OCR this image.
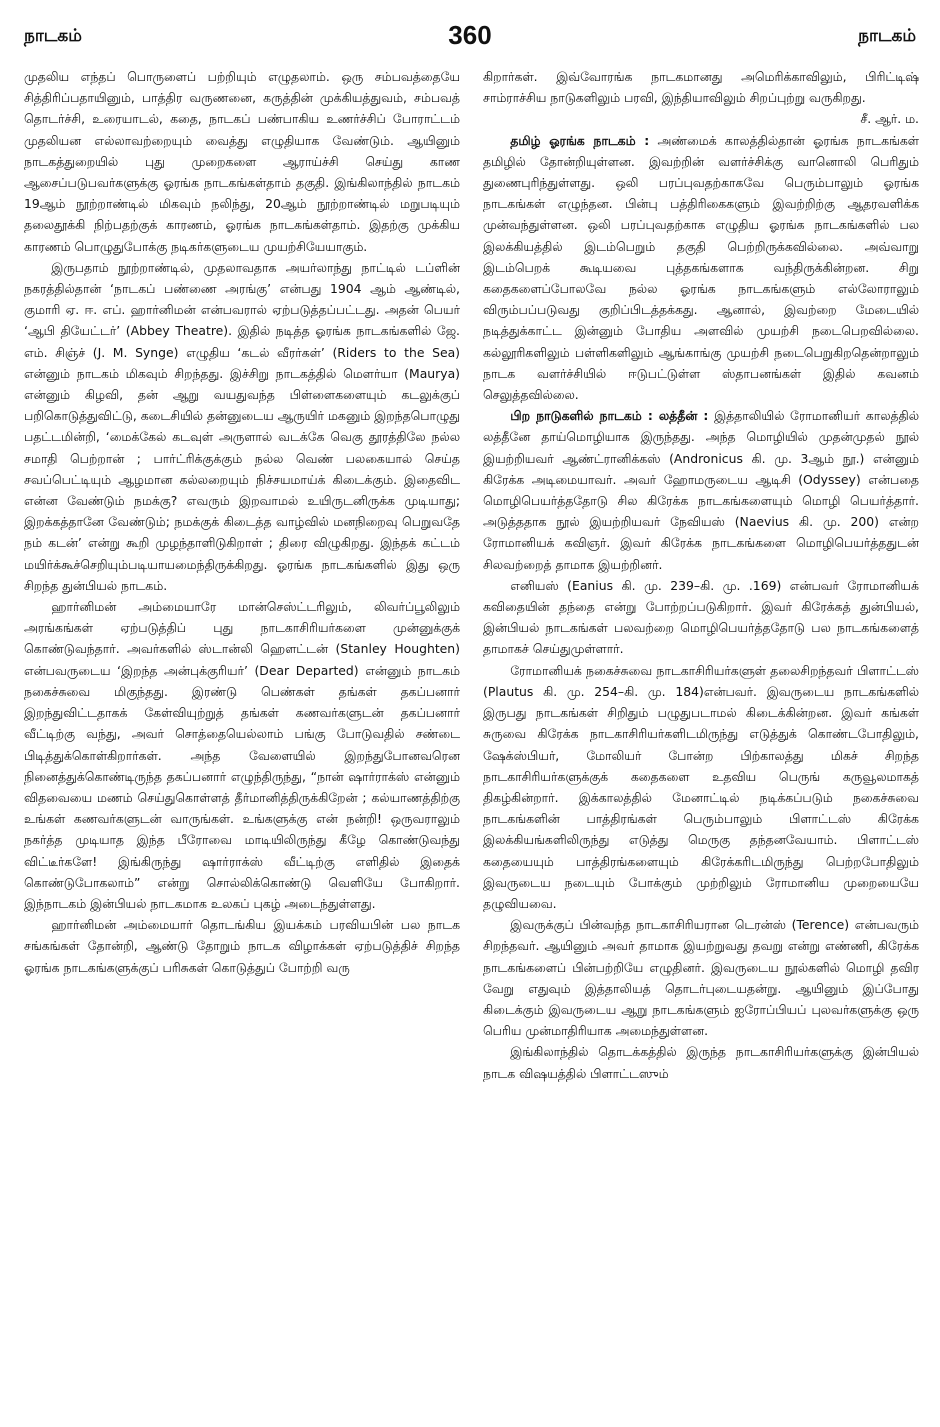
நாடகம்	360	நாடகம்

முதலிய எந்தப் பொருளைப் பற்றியும் எழுதலாம். ஒரு சம்பவத்தையே சித்திரிப்பதாயினும், பாத்திர வருணனை, கருத்தின் முக்கியத்துவம், சம்பவத் தொடர்ச்சி, உரையாடல், கதை, நாடகப் பண்பாகிய உணர்ச்சிப் போராட்டம் முதலியன எல்லாவற்றையும் வைத்து எழுதியாக வேண்டும். ஆயினும் நாடகத்துறையில் புது முறைகளை ஆராய்ச்சி செய்து காண ஆசைப்படுபவர்களுக்கு ஓரங்க நாடகங்கள்தாம் தகுதி. இங்கிலாந்தில் நாடகம் 19ஆம் நூற்றாண்டில் மிகவும் நலிந்து, 20ஆம் நூற்றாண்டில் மறுபடியும் தலைதூக்கி நிற்பதற்குக் காரணம், ஓரங்க நாடகங்கள்தாம். இதற்கு முக்கிய காரணம் பொழுதுபோக்கு நடிகர்களுடைய முயற்சியேயாகும்.

இருபதாம் நூற்றாண்டில், முதலாவதாக அயர்லாந்து நாட்டில் டப்ளின் நகரத்தில்தான் ‘நாடகப் பண்ணை அரங்கு’ என்பது 1904 ஆம் ஆண்டில், குமாரி ஏ. ஈ. எப். ஹார்னிமன் என்பவரால் ஏற்படுத்தப்பட்டது. அதன் பெயர் ‘ஆபி தியேட்டர்’ (Abbey Theatre). இதில் நடித்த ஓரங்க நாடகங்களில் ஜே. எம். சிஞ்ச் (J. M. Synge) எழுதிய ‘கடல் வீரர்கள்’ (Riders to the Sea) என்னும் நாடகம் மிகவும் சிறந்தது. இச்சிறு நாடகத்தில் மௌர்யா (Maurya) என்னும் கிழவி, தன் ஆறு வயதுவந்த பிள்ளைகளையும் கடலுக்குப் பறிகொடுத்துவிட்டு, கடைசியில் தன்னுடைய ஆருயிர் மகனும் இறந்தபொழுது பதட்டமின்றி, ‘மைக்கேல் கடவுள் அருளால் வடக்கே வெகு தூரத்திலே நல்ல சமாதி பெற்றான் ; பார்ட்ரிக்குக்கும் நல்ல வெண் பலகையால் செய்த சவப்பெட்டியும் ஆழமான கல்லறையும் நிச்சயமாய்க் கிடைக்கும். இதைவிட என்ன வேண்டும் நமக்கு? எவரும் இறவாமல் உயிருடனிருக்க முடியாது; இறக்கத்தானே வேண்டும்; நமக்குக் கிடைத்த வாழ்வில் மனநிறைவு பெறுவதே நம் கடன்’ என்று கூறி முழந்தாளிடுகிறாள் ; திரை விழுகிறது. இந்தக் கட்டம் மயிர்க்கூச்செறியும்படியாயமைந்திருக்கிறது. ஓரங்க நாடகங்களில் இது ஒரு சிறந்த துன்பியல் நாடகம்.

ஹார்னிமன் அம்மையாரே மான்செஸ்ட்டரிலும், லிவர்ப்பூலிலும் அரங்கங்கள் ஏற்படுத்திப் புது நாடகாசிரியர்களை முன்னுக்குக் கொண்டுவந்தார். அவர்களில் ஸ்டான்லி ஹௌட்டன் (Stanley Houghten) என்பவருடைய ‘இறந்த அன்புக்குரியர்’ (Dear Departed) என்னும் நாடகம் நகைச்சுவை மிகுந்தது. இரண்டு பெண்கள் தங்கள் தகப்பனார் இறந்துவிட்டதாகக் கேள்வியுற்றுத் தங்கள் கணவர்களுடன் தகப்பனார் வீட்டிற்கு வந்து, அவர் சொத்தையெல்லாம் பங்கு போடுவதில் சண்டை பிடித்துக்கொள்கிறார்கள். அந்த வேளையில் இறந்துபோனவரென நினைத்துக்கொண்டிருந்த தகப்பனார் எழுந்திருந்து, “நான் ஷார்ராக்ஸ் என்னும் விதவையை மணம் செய்துகொள்ளத் தீர்மானித்திருக்கிறேன் ; கல்யாணத்திற்கு உங்கள் கணவர்களுடன் வாருங்கள். உங்களுக்கு என் நன்றி! ஒருவராலும் நகர்த்த முடியாத இந்த பீரோவை மாடியிலிருந்து கீழே கொண்டுவந்து விட்டீர்களே! இங்கிருந்து ஷார்ராக்ஸ் வீட்டிற்கு எளிதில் இதைக் கொண்டுபோகலாம்” என்று சொல்லிக்கொண்டு வெளியே போகிறார். இந்நாடகம் இன்பியல் நாடகமாக உலகப் புகழ் அடைந்துள்ளது.

ஹார்னிமன் அம்மையார் தொடங்கிய இயக்கம் பரவியபின் பல நாடக சங்கங்கள் தோன்றி, ஆண்டு தோறும் நாடக விழாக்கள் ஏற்படுத்திச் சிறந்த ஓரங்க நாடகங்களுக்குப் பரிசுகள் கொடுத்துப் போற்றி வரு

கிறார்கள். இவ்வோரங்க நாடகமானது அமெரிக்காவிலும், பிரிட்டிஷ் சாம்ராச்சிய நாடுகளிலும் பரவி, இந்தியாவிலும் சிறப்புற்று வருகிறது.

சீ. ஆர். ம.

தமிழ் ஓரங்க நாடகம் : அண்மைக் காலத்தில்தான் ஓரங்க நாடகங்கள் தமிழில் தோன்றியுள்ளன. இவற்றின் வளர்ச்சிக்கு வானொலி பெரிதும் துணைபுரிந்துள்ளது. ஒலி பரப்புவதற்காகவே பெரும்பாலும் ஓரங்க நாடகங்கள் எழுந்தன. பின்பு பத்திரிகைகளும் இவற்றிற்கு ஆதரவளிக்க முன்வந்துள்ளன. ஒலி பரப்புவதற்காக எழுதிய ஓரங்க நாடகங்களில் பல இலக்கியத்தில் இடம்பெறும் தகுதி பெற்றிருக்கவில்லை. அவ்வாறு இடம்பெறக் கூடியவை புத்தகங்களாக வந்திருக்கின்றன. சிறு கதைகளைப்போலவே நல்ல ஓரங்க நாடகங்களும் எல்லோராலும் விரும்பப்படுவது குறிப்பிடத்தக்கது. ஆனால், இவற்றை மேடையில் நடித்துக்காட்ட இன்னும் போதிய அளவில் முயற்சி நடைபெறவில்லை. கல்லூரிகளிலும் பள்ளிகளிலும் ஆங்காங்கு முயற்சி நடைபெறுகிறதென்றாலும் நாடக வளர்ச்சியில் ஈடுபட்டுள்ள ஸ்தாபனங்கள் இதில் கவனம் செலுத்தவில்லை.

பிற நாடுகளில் நாடகம் : லத்தீன் : இத்தாலியில் ரோமானியர் காலத்தில் லத்தீனே தாய்மொழியாக இருந்தது. அந்த மொழியில் முதன்முதல் நூல் இயற்றியவர் ஆண்ட்ரானிக்கஸ் (Andronicus கி. மு. 3ஆம் நூ.) என்னும் கிரேக்க அடிமையாவர். அவர் ஹோமருடைய ஆடிசி (Odyssey) என்பதை மொழிபெயர்த்ததோடு சில கிரேக்க நாடகங்களையும் மொழி பெயர்த்தார். அடுத்ததாக நூல் இயற்றியவர் நேவியஸ் (Naevius கி. மு. 200) என்ற ரோமானியக் கவிஞர். இவர் கிரேக்க நாடகங்களை மொழிபெயர்த்ததுடன் சிலவற்றைத் தாமாக இயற்றினர்.

எனியஸ் (Eanius கி. மு. 239–கி. மு. .169) என்பவர் ரோமானியக் கவிதையின் தந்தை என்று போற்றப்படுகிறார். இவர் கிரேக்கத் துன்பியல், இன்பியல் நாடகங்கள் பலவற்றை மொழிபெயர்த்ததோடு பல நாடகங்களைத் தாமாகச் செய்துமுள்ளார்.

ரோமானியக் நகைச்சுவை நாடகாசிரியர்களுள் தலைசிறந்தவர் பிளாட்டஸ் (Plautus கி. மு. 254–கி. மு. 184)என்பவர். இவருடைய நாடகங்களில் இருபது நாடகங்கள் சிறிதும் பழுதுபடாமல் கிடைக்கின்றன. இவர் கங்கள் சுருவை கிரேக்க நாடகாசிரியர்களிடமிருந்து எடுத்துக் கொண்டபோதிலும், ஷேக்ஸ்பியர், மோலியர் போன்ற பிற்காலத்து மிகச் சிறந்த நாடகாசிரியர்களுக்குக் கதைகளை உதவிய பெருங் கருவூலமாகத் திகழ்கின்றார். இக்காலத்தில் மேனாட்டில் நடிக்கப்படும் நகைச்சுவை நாடகங்களின் பாத்திரங்கள் பெரும்பாலும் பிளாட்டஸ் கிரேக்க இலக்கியங்களிலிருந்து எடுத்து மெருகு தந்தனவேயாம். பிளாட்டஸ் கதையையும் பாத்திரங்களையும் கிரேக்கரிடமிருந்து பெற்றபோதிலும் இவருடைய நடையும் போக்கும் முற்றிலும் ரோமானிய முறையையே தழுவியவை.

இவருக்குப் பின்வந்த நாடகாசிரியரான டெரன்ஸ் (Terence) என்பவரும் சிறந்தவர். ஆயினும் அவர் தாமாக இயற்றுவது தவறு என்று எண்ணி, கிரேக்க நாடகங்களைப் பின்பற்றியே எழுதினர். இவருடைய நூல்களில் மொழி தவிர வேறு எதுவும் இத்தாலியத் தொடர்புடையதன்று. ஆயினும் இப்போது கிடைக்கும் இவருடைய ஆறு நாடகங்களும் ஐரோப்பியப் புலவர்களுக்கு ஒரு பெரிய முன்மாதிரியாக அமைந்துள்ளன.

இங்கிலாந்தில் தொடக்கத்தில் இருந்த நாடகாசிரியர்களுக்கு இன்பியல் நாடக விஷயத்தில் பிளாட்டஸும்
